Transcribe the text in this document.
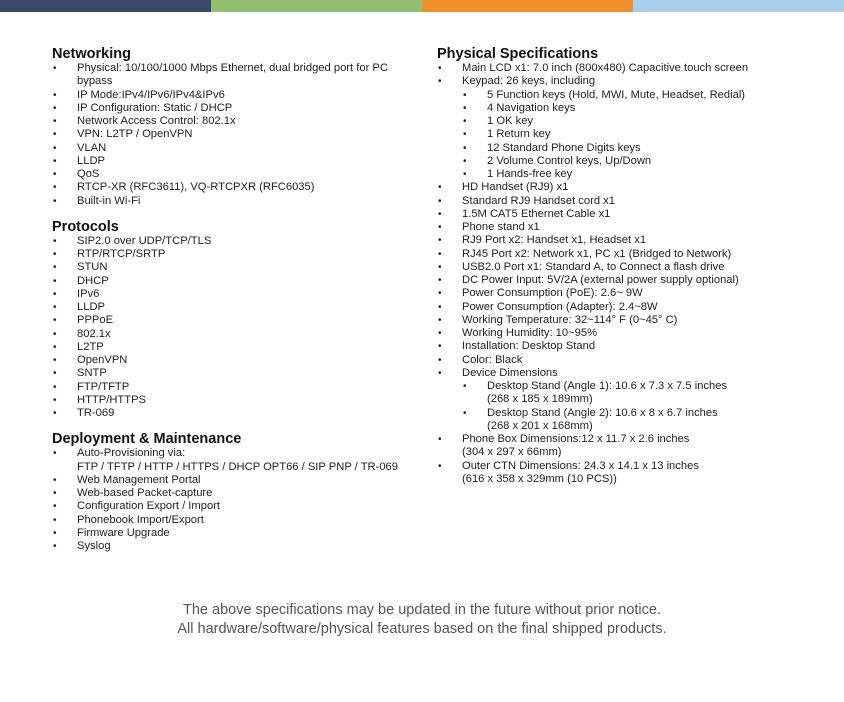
Networking
• Physical: 10/100/1000 Mbps Ethernet, dual bridged port for PC
bypass
• IP Mode:IPv4/IPv6/IPv4&IPv6
• IP Configuration: Static / DHCP
• Network Access Control: 802.1x
• VPN: L2TP / OpenVPN
• VLAN
• LLDP
• QoS
• RTCP-XR (RFC3611), VQ-RTCPXR (RFC6035)
• Built-in Wi-Fi
Protocols
• SIP2.0 over UDP/TCP/TLS
• RTP/RTCP/SRTP
• STUN
• DHCP
• IPv6
• LLDP
• PPPoE
• 802.1x
• L2TP
• OpenVPN
• SNTP
• FTP/TFTP
• HTTP/HTTPS
• TR-069
Deployment & Maintenance
• Auto-Provisioning via:
FTP / TFTP / HTTP / HTTPS / DHCP OPT66 / SIP PNP / TR-069
• Web Management Portal
• Web-based Packet-capture
• Configuration Export / Import
• Phonebook Import/Export
• Firmware Upgrade
• Syslog
Physical Specifications
• Main LCD x1: 7.0 inch (800x480) Capacitive touch screen
• Keypad: 26 keys, including
• 5 Function keys (Hold, MWI, Mute, Headset, Redial)
• 4 Navigation keys
• 1 OK key
• 1 Return key
• 12 Standard Phone Digits keys
• 2 Volume Control keys, Up/Down
• 1 Hands-free key
• HD Handset (RJ9) x1
• Standard RJ9 Handset cord x1
• 1.5M CAT5 Ethernet Cable x1
• Phone stand x1
• RJ9 Port x2: Handset x1, Headset x1
• RJ45 Port x2: Network x1, PC x1 (Bridged to Network)
• USB2.0 Port x1: Standard A, to Connect a flash drive
• DC Power Input: 5V/2A (external power supply optional)
• Power Consumption (PoE): 2.6~ 9W
• Power Consumption (Adapter): 2.4~8W
• Working Temperature: 32~114° F (0~45° C)
• Working Humidity: 10~95%
• Installation: Desktop Stand
• Color: Black
• Device Dimensions
• Desktop Stand (Angle 1): 10.6 x 7.3 x 7.5 inches
(268 x 185 x 189mm)
• Desktop Stand (Angle 2): 10.6 x 8 x 6.7 inches
(268 x 201 x 168mm)
• Phone Box Dimensions:12 x 11.7 x 2.6 inches
(304 x 297 x 66mm)
• Outer CTN Dimensions: 24.3 x 14.1 x 13 inches
(616 x 358 x 329mm (10 PCS))
The above specifications may be updated in the future without prior notice.
All hardware/software/physical features based on the final shipped products.
